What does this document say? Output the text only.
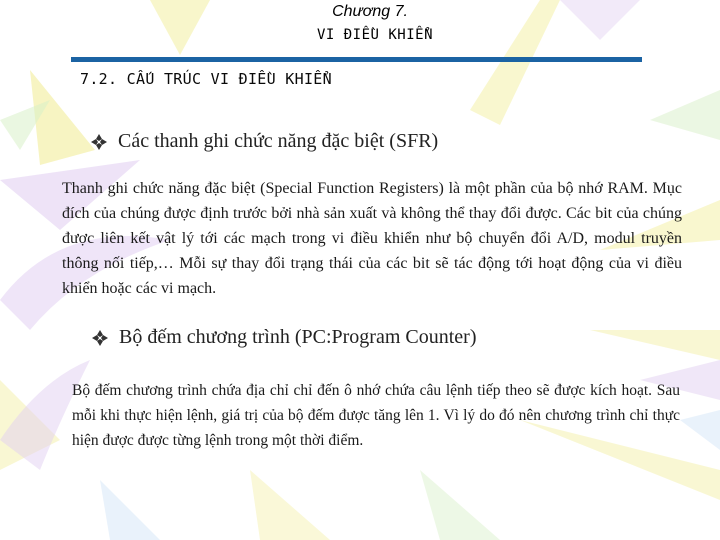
Chương 7.
VI ĐIỀU KHIỂN
7.2. CẤU TRÚC VI ĐIỀU KHIỂN
Các thanh ghi chức năng đặc biệt (SFR)

Thanh ghi chức năng đặc biệt (Special Function Registers) là một phần của bộ nhớ RAM. Mục đích của chúng được định trước bởi nhà sản xuất và không thể thay đổi được. Các bit của chúng được liên kết vật lý tới các mạch trong vi điều khiển như bộ chuyển đổi A/D, modul truyền thông nối tiếp,… Mỗi sự thay đổi trạng thái của các bit sẽ tác động tới hoạt động của vi điều khiển hoặc các vi mạch.

Bộ đếm chương trình (PC:Program Counter)

Bộ đếm chương trình chứa địa chỉ chỉ đến ô nhớ chứa câu lệnh tiếp theo sẽ được kích hoạt. Sau mỗi khi thực hiện lệnh, giá trị của bộ đếm được tăng lên 1. Vì lý do đó nên chương trình chỉ thực hiện được được từng lệnh trong một thời điểm.
